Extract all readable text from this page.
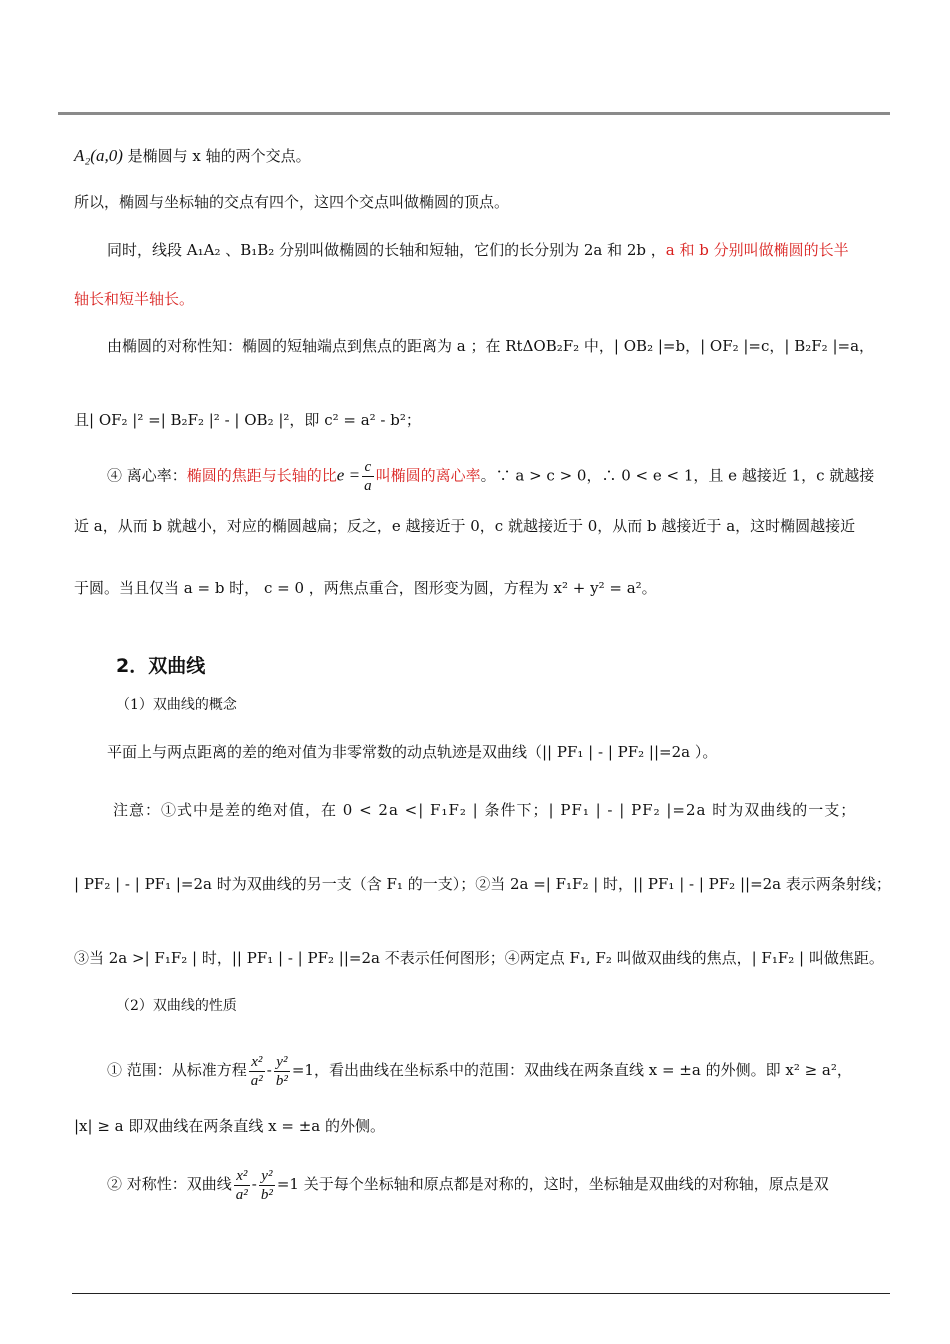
A₂(a,0) 是椭圆与 x 轴的两个交点。
所以，椭圆与坐标轴的交点有四个，这四个交点叫做椭圆的顶点。
同时，线段 A₁A₂ 、B₁B₂ 分别叫做椭圆的长轴和短轴，它们的长分别为 2a 和 2b ，a 和 b 分别叫做椭圆的长半
轴长和短半轴长。
由椭圆的对称性知：椭圆的短轴端点到焦点的距离为 a ；在 RtΔOB₂F₂ 中，| OB₂ |=b，| OF₂ |=c，| B₂F₂ |=a，
且| OF₂ |² =| B₂F₂ |² - | OB₂ |²，即 c² = a² - b²；
④ 离心率：椭圆的焦距与长轴的比$e = \frac{c}{a}$ 叫椭圆的离心率。∵ a > c > 0，∴ 0 < e < 1，且 e 越接近 1，c 就越接
近 a，从而 b 就越小，对应的椭圆越扁；反之，e 越接近于 0，c 就越接近于 0，从而 b 越接近于 a，这时椭圆越接近
于圆。当且仅当 a = b 时， c = 0 ，两焦点重合，图形变为圆，方程为 x² + y² = a²。
2．双曲线
（1）双曲线的概念
平面上与两点距离的差的绝对值为非零常数的动点轨迹是双曲线（|| PF₁ | - | PF₂ ||=2a ）。
注意：①式中是差的绝对值，在 0 < 2a <| F₁F₂ | 条件下；| PF₁ | - | PF₂ |=2a 时为双曲线的一支；
| PF₂ | - | PF₁ |=2a 时为双曲线的另一支（含 F₁ 的一支）；②当 2a =| F₁F₂ | 时，|| PF₁ | - | PF₂ ||=2a 表示两条射线；
③当 2a >| F₁F₂ | 时，|| PF₁ | - | PF₂ ||=2a 不表示任何图形；④两定点 F₁, F₂ 叫做双曲线的焦点，| F₁F₂ | 叫做焦距。
（2）双曲线的性质
① 范围：从标准方程 $\frac{\text{x²}}{\text{a²}} - \frac{\text{y²}}{\text{b²}} =1$，看出曲线在坐标系中的范围：双曲线在两条直线 x = ±a 的外侧。即 x² ≥ a²，
|x| ≥ a 即双曲线在两条直线 x = ±a 的外侧。
② 对称性：双曲线 $\frac{\text{x²}}{\text{a²}} - \frac{\text{y²}}{\text{b²}} =1$ 关于每个坐标轴和原点都是对称的，这时，坐标轴是双曲线的对称轴，原点是双
